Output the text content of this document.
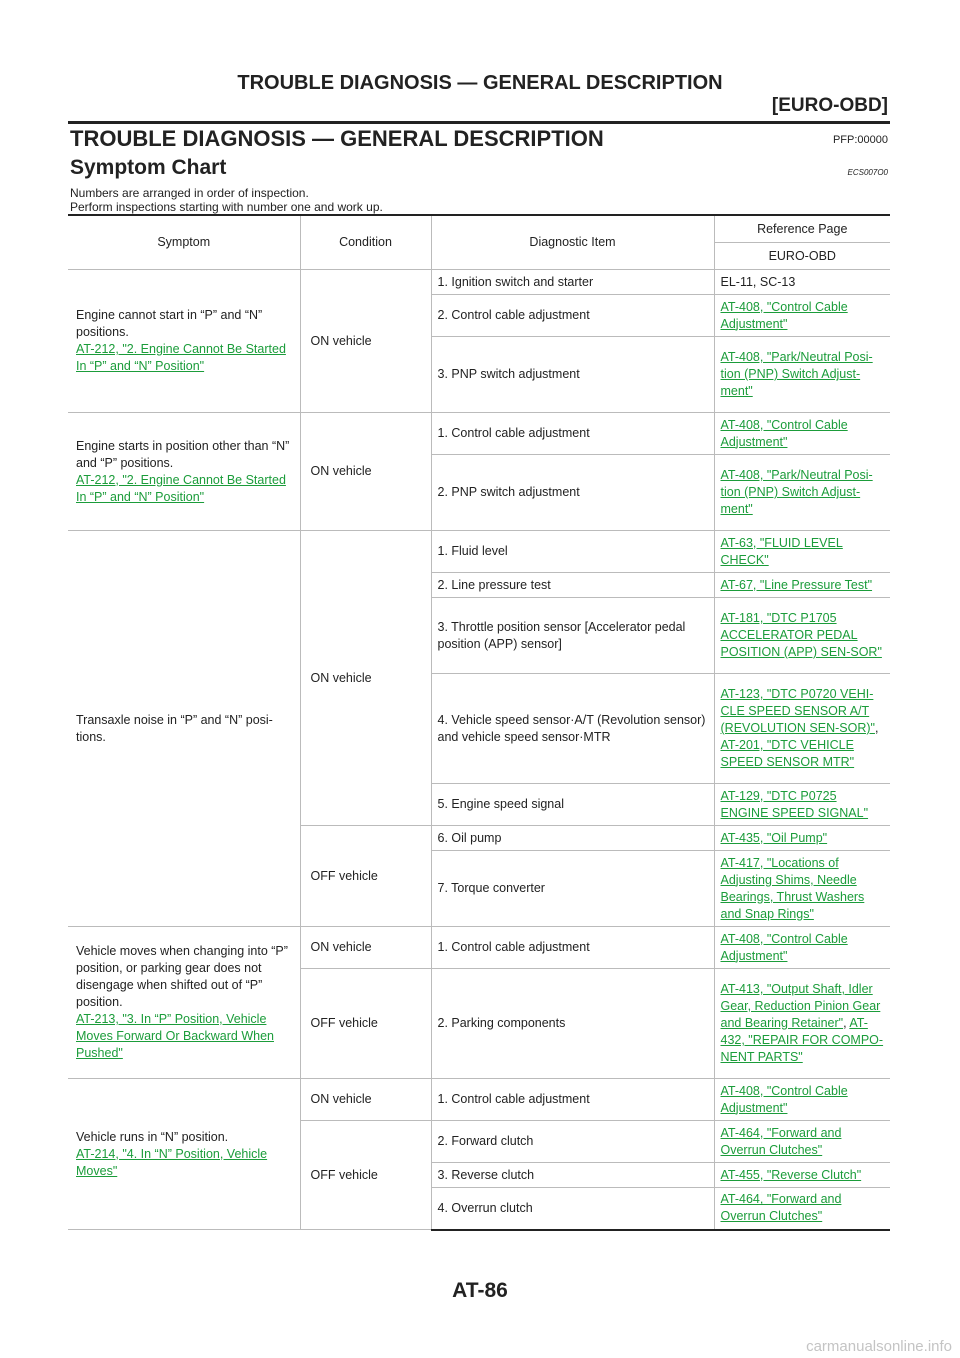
TROUBLE DIAGNOSIS — GENERAL DESCRIPTION
[EURO-OBD]
TROUBLE DIAGNOSIS — GENERAL DESCRIPTION	PFP:00000
Symptom Chart	ECS007O0
Numbers are arranged in order of inspection.
Perform inspections starting with number one and work up.
Symptom	Condition	Diagnostic Item	Reference Page
			EURO-OBD

Engine cannot start in “P” and “N” positions.
AT-212, "2. Engine Cannot Be Started In “P” and “N” Position"	ON vehicle	1. Ignition switch and starter	EL-11, SC-13
		2. Control cable adjustment	AT-408, "Control Cable Adjustment"
		3. PNP switch adjustment	AT-408, "Park/Neutral Posi-tion (PNP) Switch Adjust-ment"

Engine starts in position other than “N” and “P” positions.
AT-212, "2. Engine Cannot Be Started In “P” and “N” Position"	ON vehicle	1. Control cable adjustment	AT-408, "Control Cable Adjustment"
		2. PNP switch adjustment	AT-408, "Park/Neutral Posi-tion (PNP) Switch Adjust-ment"

Transaxle noise in “P” and “N” posi-tions.	ON vehicle	1. Fluid level	AT-63, "FLUID LEVEL CHECK"
		2. Line pressure test	AT-67, "Line Pressure Test"
		3. Throttle position sensor [Accelerator pedal position (APP) sensor]	AT-181, "DTC P1705 ACCELERATOR PEDAL POSITION (APP) SEN-SOR"
		4. Vehicle speed sensor·A/T (Revolution sensor) and vehicle speed sensor·MTR	AT-123, "DTC P0720 VEHI-CLE SPEED SENSOR A/T (REVOLUTION SEN-SOR)", AT-201, "DTC VEHICLE SPEED SENSOR MTR"
		5. Engine speed signal	AT-129, "DTC P0725 ENGINE SPEED SIGNAL"
	OFF vehicle	6. Oil pump	AT-435, "Oil Pump"
		7. Torque converter	AT-417, "Locations of Adjusting Shims, Needle Bearings, Thrust Washers and Snap Rings"

Vehicle moves when changing into “P” position, or parking gear does not disengage when shifted out of “P” position.
AT-213, "3. In “P” Position, Vehicle Moves Forward Or Backward When Pushed"	ON vehicle	1. Control cable adjustment	AT-408, "Control Cable Adjustment"
	OFF vehicle	2. Parking components	AT-413, "Output Shaft, Idler Gear, Reduction Pinion Gear and Bearing Retainer", AT-432, "REPAIR FOR COMPO-NENT PARTS"

Vehicle runs in “N” position.
AT-214, "4. In “N” Position, Vehicle Moves"	ON vehicle	1. Control cable adjustment	AT-408, "Control Cable Adjustment"
	OFF vehicle	2. Forward clutch	AT-464, "Forward and Overrun Clutches"
		3. Reverse clutch	AT-455, "Reverse Clutch"
		4. Overrun clutch	AT-464, "Forward and Overrun Clutches"
AT-86
carmanualsonline.info
